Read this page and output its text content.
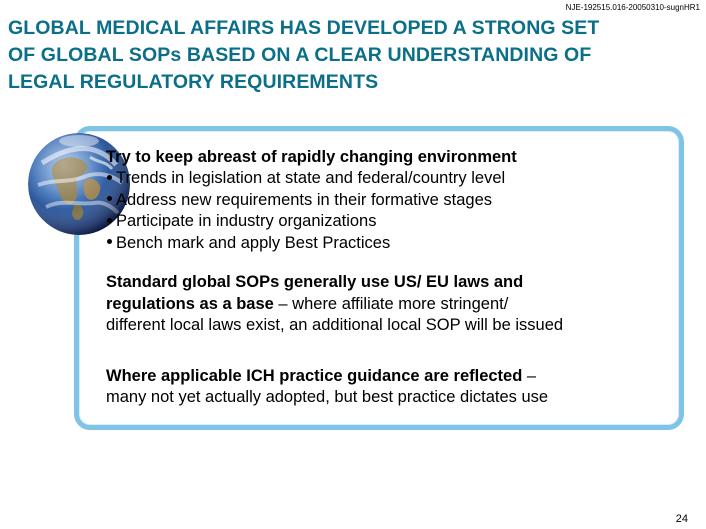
NJE-192515.016-20050310-sugnHR1
GLOBAL MEDICAL AFFAIRS HAS DEVELOPED A STRONG SET
OF GLOBAL SOPs BASED ON A CLEAR UNDERSTANDING OF
LEGAL REGULATORY REQUIREMENTS

Try to keep abreast of rapidly changing environment

Trends in legislation at state and federal/country level
Address new requirements in their formative stages
Participate in industry organizations
Bench mark and apply Best Practices
Standard global SOPs generally use US/ EU laws and
regulations as a base – where affiliate more stringent/
different local laws exist, an additional local SOP will be issued
Where applicable ICH practice guidance are reflected –
many not yet actually adopted, but best practice dictates use
24
